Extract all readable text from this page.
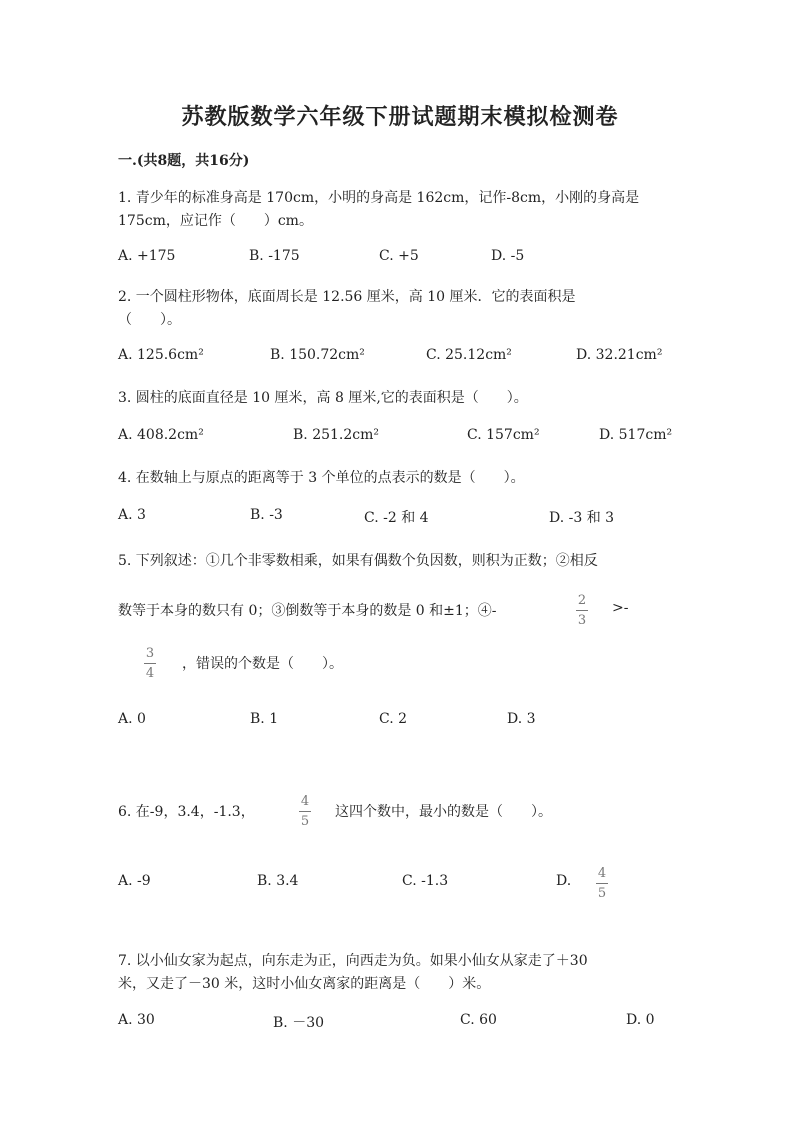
苏教版数学六年级下册试题期末模拟检测卷
一.(共8题，共16分)
1. 青少年的标准身高是 170cm，小明的身高是 162cm，记作-8cm，小刚的身高是
175cm，应记作（　　）cm。
A. +175	B. -175	C. +5	D. -5
2. 一个圆柱形物体，底面周长是 12.56 厘米，高 10 厘米．它的表面积是
（　　）。
A. 125.6cm²	B. 150.72cm²	C. 25.12cm²	D. 32.21cm²
3. 圆柱的底面直径是 10 厘米，高 8 厘米,它的表面积是（　　）。
A. 408.2cm²	B. 251.2cm²	C. 157cm²	D. 517cm²
4. 在数轴上与原点的距离等于 3 个单位的点表示的数是（　　）。
A. 3	B. -3	C. -2 和 4	D. -3 和 3
5. 下列叙述：①几个非零数相乘，如果有偶数个负因数，则积为正数；②相反
数等于本身的数只有 0；③倒数等于本身的数是 0 和±1；④-
2
3
>-
3
4
，错误的个数是（　　）。
A. 0	B. 1	C. 2	D. 3
6. 在-9，3.4，-1.3，
4
5
这四个数中，最小的数是（　　）。
A. -9	B. 3.4	C. -1.3	D. 4
5
7. 以小仙女家为起点，向东走为正，向西走为负。如果小仙女从家走了＋30
米，又走了－30 米，这时小仙女离家的距离是（　　）米。
A. 30	B. －30	C. 60	D. 0
